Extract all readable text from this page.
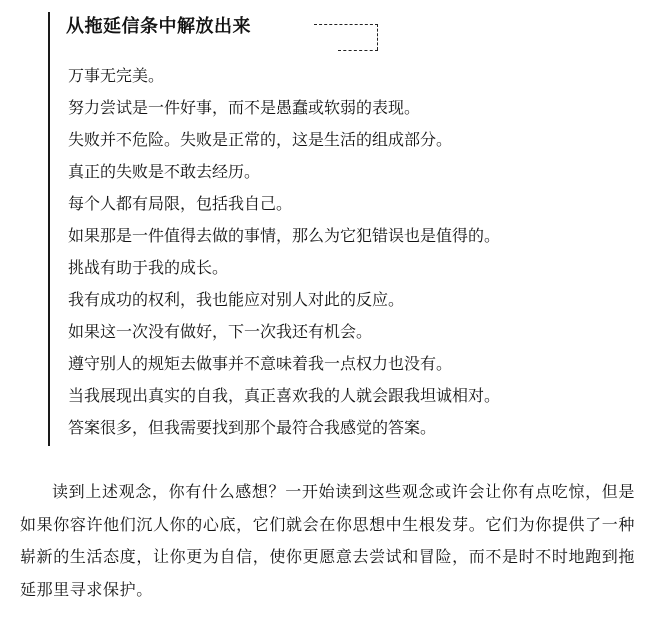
从拖延信条中解放出来
万事无完美。
努力尝试是一件好事，而不是愚蠢或软弱的表现。
失败并不危险。失败是正常的，这是生活的组成部分。
真正的失败是不敢去经历。
每个人都有局限，包括我自己。
如果那是一件值得去做的事情，那么为它犯错误也是值得的。
挑战有助于我的成长。
我有成功的权利，我也能应对别人对此的反应。
如果这一次没有做好，下一次我还有机会。
遵守别人的规矩去做事并不意味着我一点权力也没有。
当我展现出真实的自我，真正喜欢我的人就会跟我坦诚相对。
答案很多，但我需要找到那个最符合我感觉的答案。

读到上述观念，你有什么感想？一开始读到这些观念或许会让你有点吃惊，但是如果你容许他们沉人你的心底，它们就会在你思想中生根发芽。它们为你提供了一种崭新的生活态度，让你更为自信，使你更愿意去尝试和冒险，而不是时不时地跑到拖延那里寻求保护。
